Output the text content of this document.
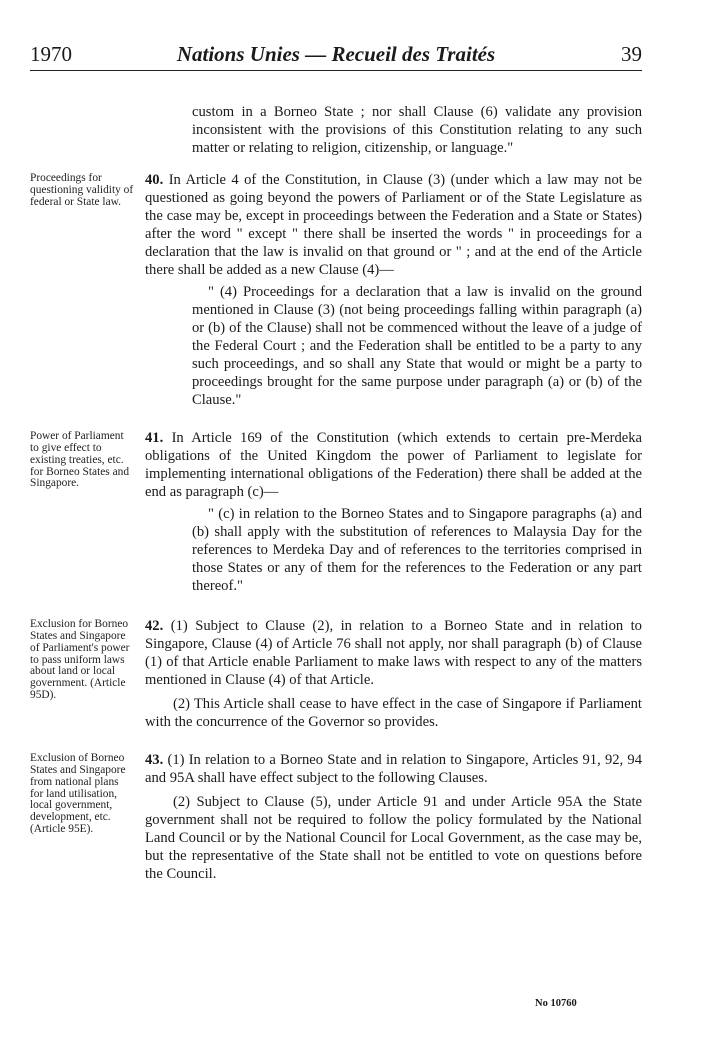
1970	Nations Unies — Recueil des Traités	39

custom in a Borneo State ; nor shall Clause (6) validate any provision inconsistent with the provisions of this Constitution relating to any such matter or relating to religion, citizenship, or language."

Proceedings for questioning validity of federal or State law.

40. In Article 4 of the Constitution, in Clause (3) (under which a law may not be questioned as going beyond the powers of Parliament or of the State Legislature as the case may be, except in proceedings between the Federation and a State or States) after the word " except " there shall be inserted the words " in proceedings for a declaration that the law is invalid on that ground or " ; and at the end of the Article there shall be added as a new Clause (4)—

" (4) Proceedings for a declaration that a law is invalid on the ground mentioned in Clause (3) (not being proceedings falling within paragraph (a) or (b) of the Clause) shall not be commenced without the leave of a judge of the Federal Court ; and the Federation shall be entitled to be a party to any such proceedings, and so shall any State that would or might be a party to proceedings brought for the same purpose under paragraph (a) or (b) of the Clause."

Power of Parliament to give effect to existing treaties, etc. for Borneo States and Singapore.

41. In Article 169 of the Constitution (which extends to certain pre-Merdeka obligations of the United Kingdom the power of Parliament to legislate for implementing international obligations of the Federation) there shall be added at the end as paragraph (c)—

" (c) in relation to the Borneo States and to Singapore paragraphs (a) and (b) shall apply with the substitution of references to Malaysia Day for the references to Merdeka Day and of references to the territories comprised in those States or any of them for the references to the Federation or any part thereof."

Exclusion for Borneo States and Singapore of Parliament's power to pass uniform laws about land or local government. (Article 95D).

42. (1) Subject to Clause (2), in relation to a Borneo State and in relation to Singapore, Clause (4) of Article 76 shall not apply, nor shall paragraph (b) of Clause (1) of that Article enable Parliament to make laws with respect to any of the matters mentioned in Clause (4) of that Article.

(2) This Article shall cease to have effect in the case of Singapore if Parliament with the concurrence of the Governor so provides.

Exclusion of Borneo States and Singapore from national plans for land utilisation, local government, development, etc. (Article 95E).

43. (1) In relation to a Borneo State and in relation to Singapore, Articles 91, 92, 94 and 95A shall have effect subject to the following Clauses.

(2) Subject to Clause (5), under Article 91 and under Article 95A the State government shall not be required to follow the policy formulated by the National Land Council or by the National Council for Local Government, as the case may be, but the representative of the State shall not be entitled to vote on questions before the Council.

No 10760
